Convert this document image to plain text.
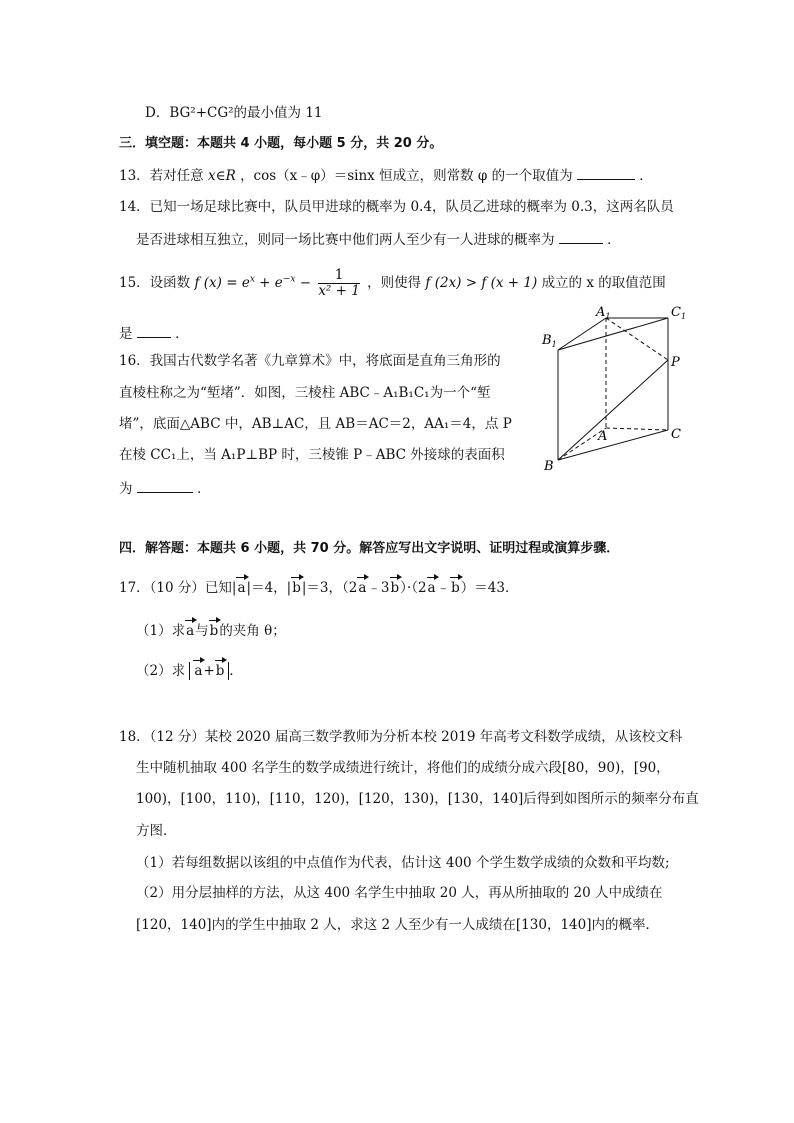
D．BG²+CG²的最小值为 11
三．填空题：本题共 4 小题，每小题 5 分，共 20 分。
13．若对任意 x∈R ，cos（x﹣φ）＝sinx 恒成立，则常数 φ 的一个取值为	．
14．已知一场足球比赛中，队员甲进球的概率为 0.4，队员乙进球的概率为 0.3，这两名队员
是否进球相互独立，则同一场比赛中他们两人至少有一人进球的概率为	．
15．设函数 f $(x) = e^x + e^{-x} - \frac{1}{\text{x² + 1}}$ ，则使得 f (2x) > f (x + 1) 成立的 x 的取值范围
是	．
16．我国古代数学名著《九章算术》中，将底面是直角三角形的
直棱柱称之为“堑堵”．如图，三棱柱 ABC﹣A₁B₁C₁为一个“堑
堵”，底面△ABC 中，AB⊥AC，且 AB＝AC＝2，AA₁＝4，点 P
在棱 CC₁上，当 A₁P⊥BP 时，三棱锥 P﹣ABC 外接球的表面积
为	．
$A_1$	$C_1$
$B_1$
P
A	C
B
四．解答题：本题共 6 小题，共 70 分。解答应写出文字说明、证明过程或演算步骤．
17．（10 分）已知|a|＝4，|b|＝3，（2a﹣3b）·（2a﹣b）＝43．
（1）求a与b的夹角 θ；
（2）求 a+b ．
18．（12 分）某校 2020 届高三数学教师为分析本校 2019 年高考文科数学成绩，从该校文科
生中随机抽取 400 名学生的数学成绩进行统计，将他们的成绩分成六段[80，90)，[90，
100)，[100，110)，[110，120)，[120，130)，[130，140]后得到如图所示的频率分布直
方图．
（1）若每组数据以该组的中点值作为代表，估计这 400 个学生数学成绩的众数和平均数;
（2）用分层抽样的方法，从这 400 名学生中抽取 20 人，再从所抽取的 20 人中成绩在
[120，140]内的学生中抽取 2 人，求这 2 人至少有一人成绩在[130，140]内的概率．
